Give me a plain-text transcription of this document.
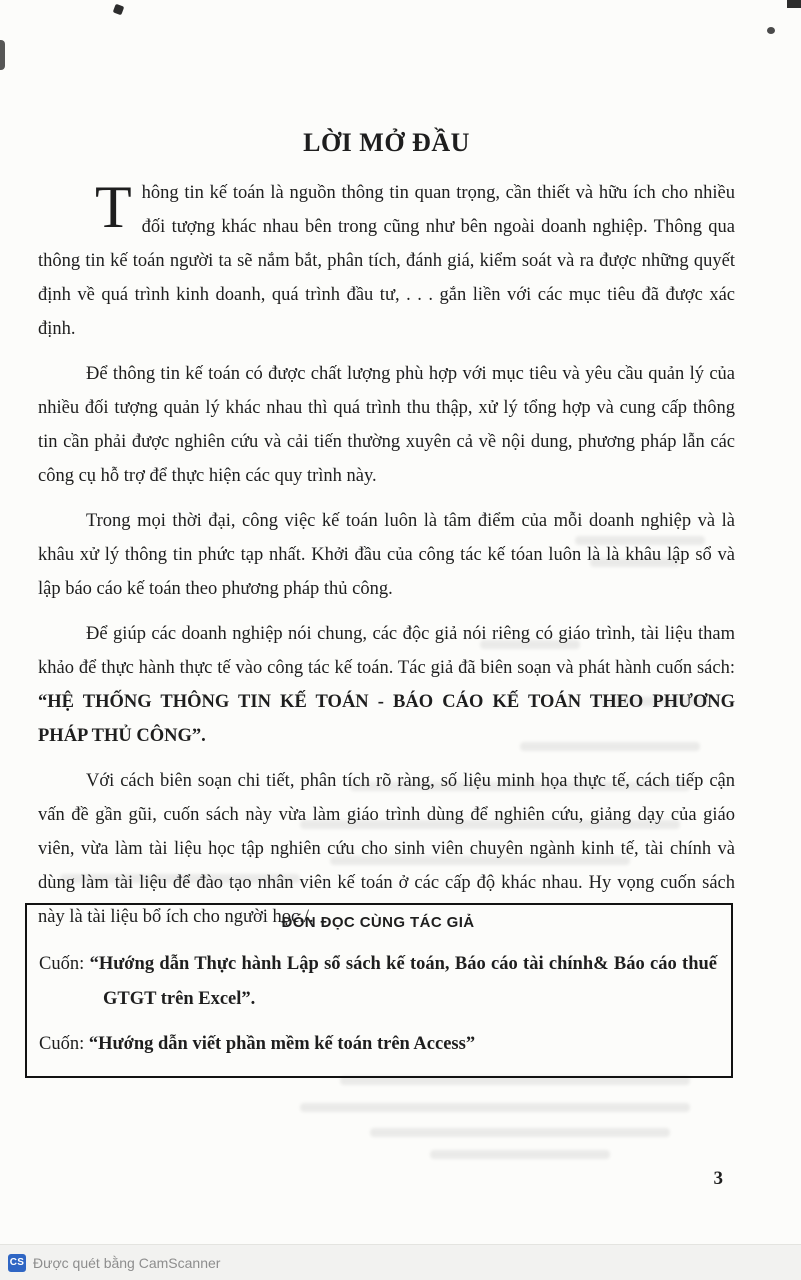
LỜI MỞ ĐẦU

Thông tin kế toán là nguồn thông tin quan trọng, cần thiết và hữu ích cho nhiều đối tượng khác nhau bên trong cũng như bên ngoài doanh nghiệp. Thông qua thông tin kế toán người ta sẽ nắm bắt, phân tích, đánh giá, kiểm soát và ra được những quyết định về quá trình kinh doanh, quá trình đầu tư, . . . gắn liền với các mục tiêu đã được xác định.

Để thông tin kế toán có được chất lượng phù hợp với mục tiêu và yêu cầu quản lý của nhiều đối tượng quản lý khác nhau thì quá trình thu thập, xử lý tổng hợp và cung cấp thông tin cần phải được nghiên cứu và cải tiến thường xuyên cả về nội dung, phương pháp lẫn các công cụ hỗ trợ để thực hiện các quy trình này.

Trong mọi thời đại, công việc kế toán luôn là tâm điểm của mỗi doanh nghiệp và là khâu xử lý thông tin phức tạp nhất. Khởi đầu của công tác kế tóan luôn là là khâu lập sổ và lập báo cáo kế toán theo phương pháp thủ công.

Để giúp các doanh nghiệp nói chung, các độc giả nói riêng có giáo trình, tài liệu tham khảo để thực hành thực tế vào công tác kế toán. Tác giả đã biên soạn và phát hành cuốn sách: “HỆ THỐNG THÔNG TIN KẾ TOÁN - BÁO CÁO KẾ TOÁN THEO PHƯƠNG PHÁP THỦ CÔNG”.

Với cách biên soạn chi tiết, phân tích rõ ràng, số liệu minh họa thực tế, cách tiếp cận vấn đề gần gũi, cuốn sách này vừa làm giáo trình dùng để nghiên cứu, giảng dạy của giáo viên, vừa làm tài liệu học tập nghiên cứu cho sinh viên chuyên ngành kinh tế, tài chính và dùng làm tài liệu để đào tạo nhân viên kế toán ở các cấp độ khác nhau. Hy vọng cuốn sách này là tài liệu bổ ích cho người học./.

ĐÓN ĐỌC CÙNG TÁC GIẢ

Cuốn: “Hướng dẫn Thực hành Lập sổ sách kế toán, Báo cáo tài chính& Báo cáo thuế GTGT trên Excel”.

Cuốn: “Hướng dẫn viết phần mềm kế toán trên Access”

3
CS Được quét bằng CamScanner
